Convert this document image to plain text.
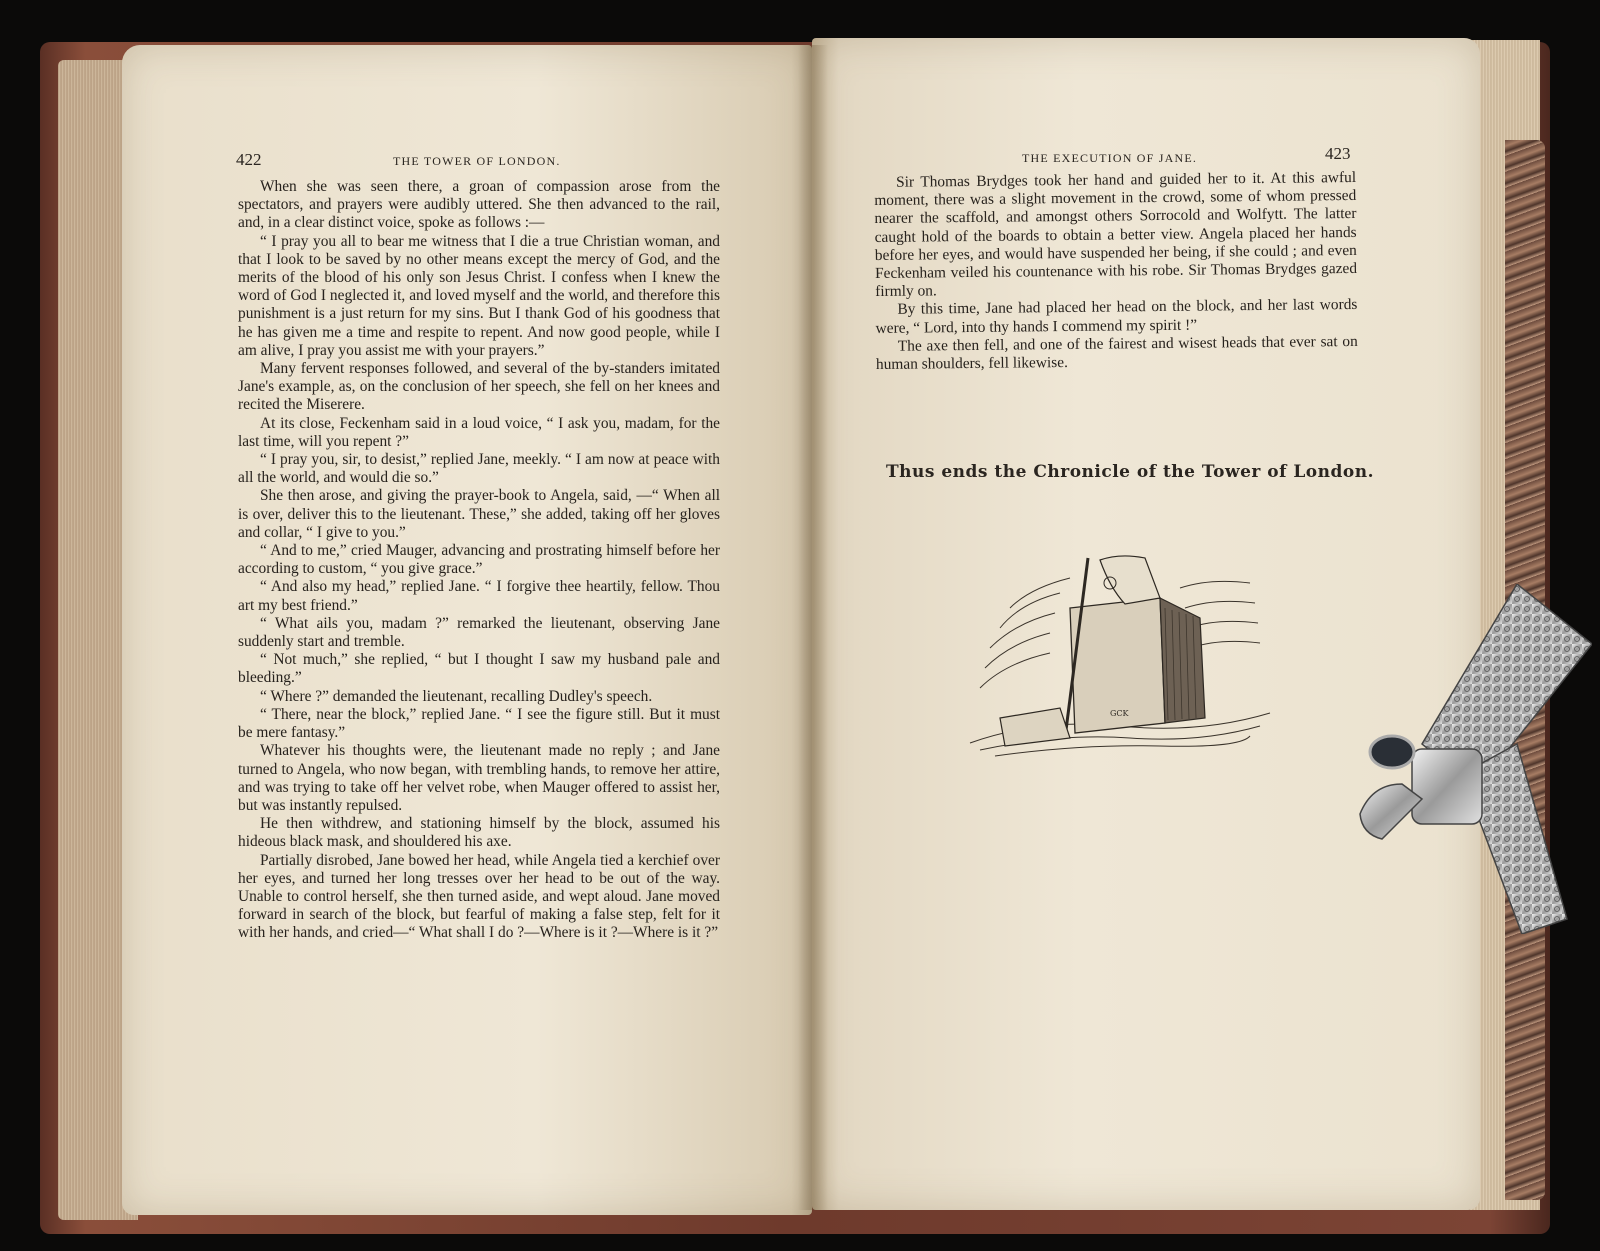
422	THE TOWER OF LONDON.	THE EXECUTION OF JANE.	423

When she was seen there, a groan of compassion arose from the spectators, and prayers were audibly uttered. She then advanced to the rail, and, in a clear distinct voice, spoke as follows :—

“ I pray you all to bear me witness that I die a true Christian woman, and that I look to be saved by no other means except the mercy of God, and the merits of the blood of his only son Jesus Christ. I confess when I knew the word of God I neglected it, and loved myself and the world, and therefore this punishment is a just return for my sins. But I thank God of his goodness that he has given me a time and respite to repent. And now good people, while I am alive, I pray you assist me with your prayers.”

Many fervent responses followed, and several of the by-standers imitated Jane's example, as, on the conclusion of her speech, she fell on her knees and recited the Miserere.

At its close, Feckenham said in a loud voice, “ I ask you, madam, for the last time, will you repent ?”

“ I pray you, sir, to desist,” replied Jane, meekly. “ I am now at peace with all the world, and would die so.”

She then arose, and giving the prayer-book to Angela, said, —“ When all is over, deliver this to the lieutenant. These,” she added, taking off her gloves and collar, “ I give to you.”

“ And to me,” cried Mauger, advancing and prostrating himself before her according to custom, “ you give grace.”

“ And also my head,” replied Jane. “ I forgive thee heartily, fellow. Thou art my best friend.”

“ What ails you, madam ?” remarked the lieutenant, observing Jane suddenly start and tremble.

“ Not much,” she replied, “ but I thought I saw my husband pale and bleeding.”

“ Where ?” demanded the lieutenant, recalling Dudley's speech.

“ There, near the block,” replied Jane. “ I see the figure still. But it must be mere fantasy.”

Whatever his thoughts were, the lieutenant made no reply ; and Jane turned to Angela, who now began, with trembling hands, to remove her attire, and was trying to take off her velvet robe, when Mauger offered to assist her, but was instantly repulsed.

He then withdrew, and stationing himself by the block, assumed his hideous black mask, and shouldered his axe.

Partially disrobed, Jane bowed her head, while Angela tied a kerchief over her eyes, and turned her long tresses over her head to be out of the way. Unable to control herself, she then turned aside, and wept aloud. Jane moved forward in search of the block, but fearful of making a false step, felt for it with her hands, and cried—“ What shall I do ?—Where is it ?—Where is it ?”

Sir Thomas Brydges took her hand and guided her to it. At this awful moment, there was a slight movement in the crowd, some of whom pressed nearer the scaffold, and amongst others Sorrocold and Wolfytt. The latter caught hold of the boards to obtain a better view. Angela placed her hands before her eyes, and would have suspended her being, if she could ; and even Feckenham veiled his countenance with his robe. Sir Thomas Brydges gazed firmly on.

By this time, Jane had placed her head on the block, and her last words were, “ Lord, into thy hands I commend my spirit !”

The axe then fell, and one of the fairest and wisest heads that ever sat on human shoulders, fell likewise.

Thus ends the Chronicle of the Tower of London.
GCK
